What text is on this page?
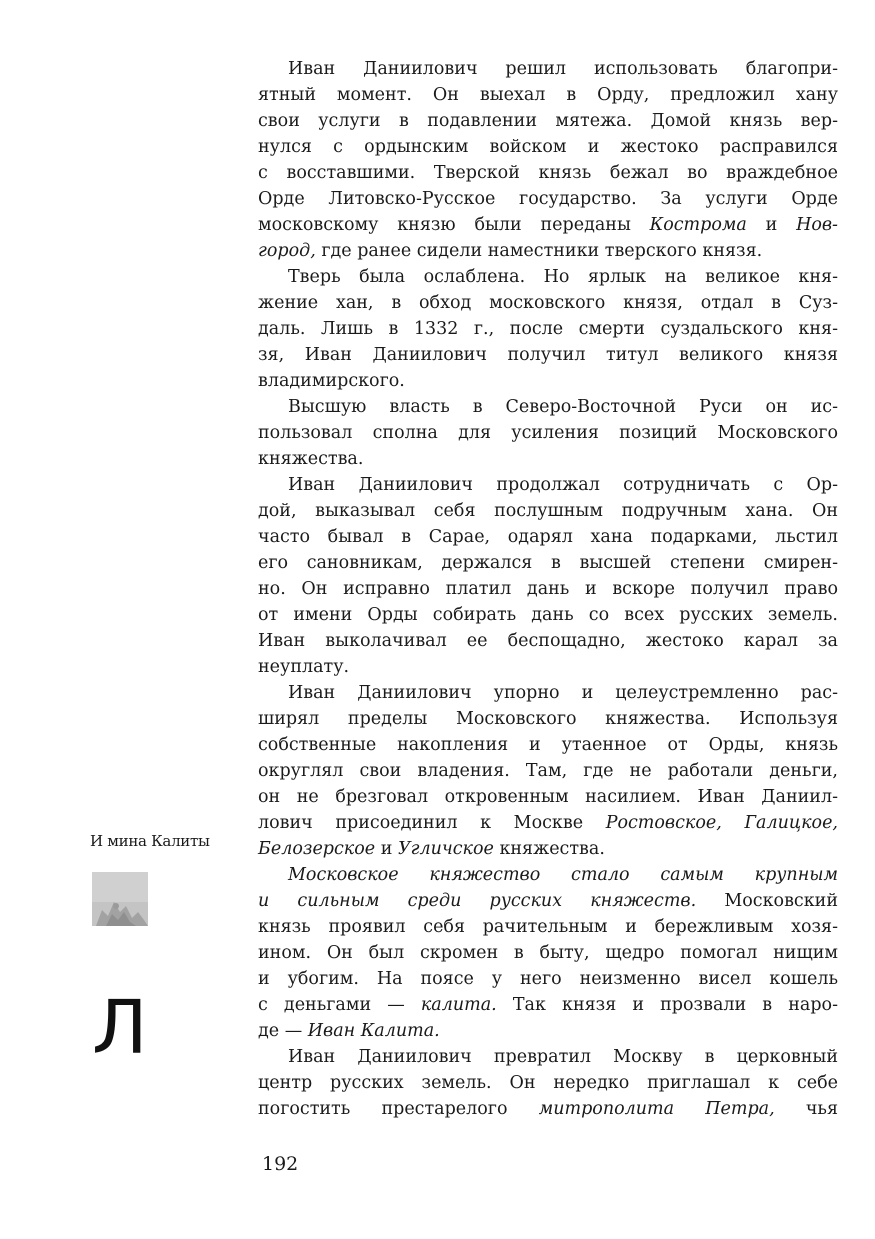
Иван Даниилович решил использовать благопри-
ятный момент. Он выехал в Орду, предложил хану
свои услуги в подавлении мятежа. Домой князь вер-
нулся с ордынским войском и жестоко расправился
с восставшими. Тверской князь бежал во враждебное
Орде Литовско-Русское государство. За услуги Орде
московскому князю были переданы Кострома и Нов-
город, где ранее сидели наместники тверского князя.
Тверь была ослаблена. Но ярлык на великое кня-
жение хан, в обход московского князя, отдал в Суз-
даль. Лишь в 1332 г., после смерти суздальского кня-
зя, Иван Даниилович получил титул великого князя
владимирского.
Высшую власть в Северо-Восточной Руси он ис-
пользовал сполна для усиления позиций Московского
княжества.
Иван Даниилович продолжал сотрудничать с Ор-
дой, выказывал себя послушным подручным хана. Он
часто бывал в Сарае, одарял хана подарками, льстил
его сановникам, держался в высшей степени смирен-
но. Он исправно платил дань и вскоре получил право
от имени Орды собирать дань со всех русских земель.
Иван выколачивал ее беспощадно, жестоко карал за
неуплату.
Иван Даниилович упорно и целеустремленно рас-
ширял пределы Московского княжества. Используя
собственные накопления и утаенное от Орды, князь
округлял свои владения. Там, где не работали деньги,
он не брезговал откровенным насилием. Иван Даниил-
лович присоединил к Москве Ростовское, Галицкое,
Белозерское и Угличское княжества.
Московское княжество стало самым крупным
и сильным среди русских княжеств. Московский
князь проявил себя рачительным и бережливым хозя-
ином. Он был скромен в быту, щедро помогал нищим
и убогим. На поясе у него неизменно висел кошель
с деньгами — калита. Так князя и прозвали в наро-
де — Иван Калита.
Иван Даниилович превратил Москву в церковный
центр русских земель. Он нередко приглашал к себе
погостить престарелого митрополита Петра, чья
И мина Калиты
Л
192
